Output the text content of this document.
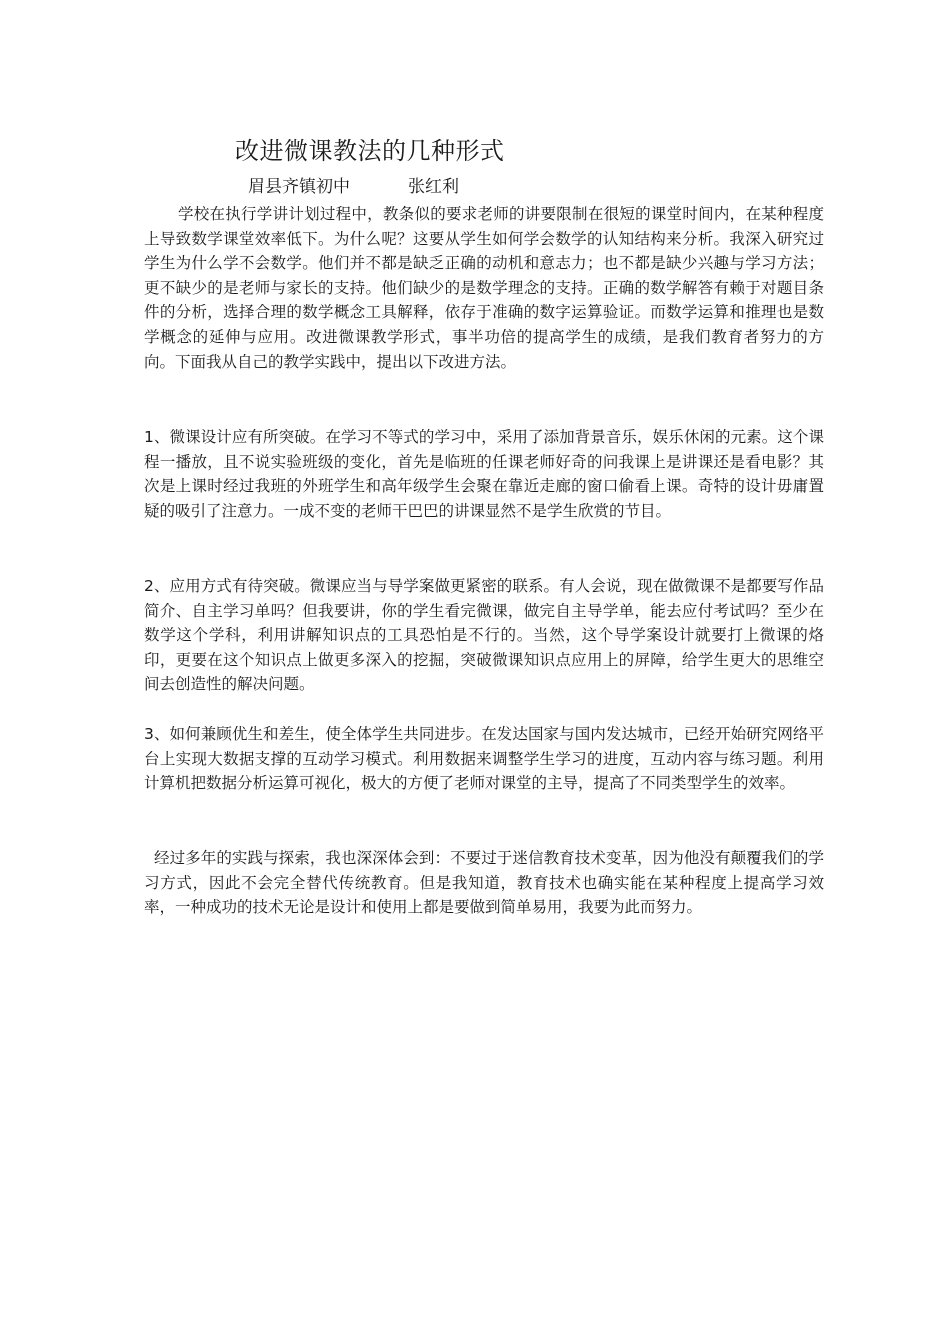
改进微课教法的几种形式
眉县齐镇初中	张红利

学校在执行学讲计划过程中，教条似的要求老师的讲要限制在很短的课堂时间内，在某种程度上导致数学课堂效率低下。为什么呢？这要从学生如何学会数学的认知结构来分析。我深入研究过学生为什么学不会数学。他们并不都是缺乏正确的动机和意志力；也不都是缺少兴趣与学习方法；更不缺少的是老师与家长的支持。他们缺少的是数学理念的支持。正确的数学解答有赖于对题目条件的分析，选择合理的数学概念工具解释，依存于准确的数字运算验证。而数学运算和推理也是数学概念的延伸与应用。改进微课教学形式，事半功倍的提高学生的成绩，是我们教育者努力的方向。下面我从自己的教学实践中，提出以下改进方法。

1、微课设计应有所突破。在学习不等式的学习中，采用了添加背景音乐，娱乐休闲的元素。这个课程一播放，且不说实验班级的变化，首先是临班的任课老师好奇的问我课上是讲课还是看电影？其次是上课时经过我班的外班学生和高年级学生会聚在靠近走廊的窗口偷看上课。奇特的设计毋庸置疑的吸引了注意力。一成不变的老师干巴巴的讲课显然不是学生欣赏的节目。

2、应用方式有待突破。微课应当与导学案做更紧密的联系。有人会说，现在做微课不是都要写作品简介、自主学习单吗？但我要讲，你的学生看完微课，做完自主导学单，能去应付考试吗？至少在数学这个学科，利用讲解知识点的工具恐怕是不行的。当然，这个导学案设计就要打上微课的烙印，更要在这个知识点上做更多深入的挖掘，突破微课知识点应用上的屏障，给学生更大的思维空间去创造性的解决问题。

3、如何兼顾优生和差生，使全体学生共同进步。在发达国家与国内发达城市，已经开始研究网络平台上实现大数据支撑的互动学习模式。利用数据来调整学生学习的进度，互动内容与练习题。利用计算机把数据分析运算可视化，极大的方便了老师对课堂的主导，提高了不同类型学生的效率。

经过多年的实践与探索，我也深深体会到：不要过于迷信教育技术变革，因为他没有颠覆我们的学习方式，因此不会完全替代传统教育。但是我知道，教育技术也确实能在某种程度上提高学习效率，一种成功的技术无论是设计和使用上都是要做到简单易用，我要为此而努力。
